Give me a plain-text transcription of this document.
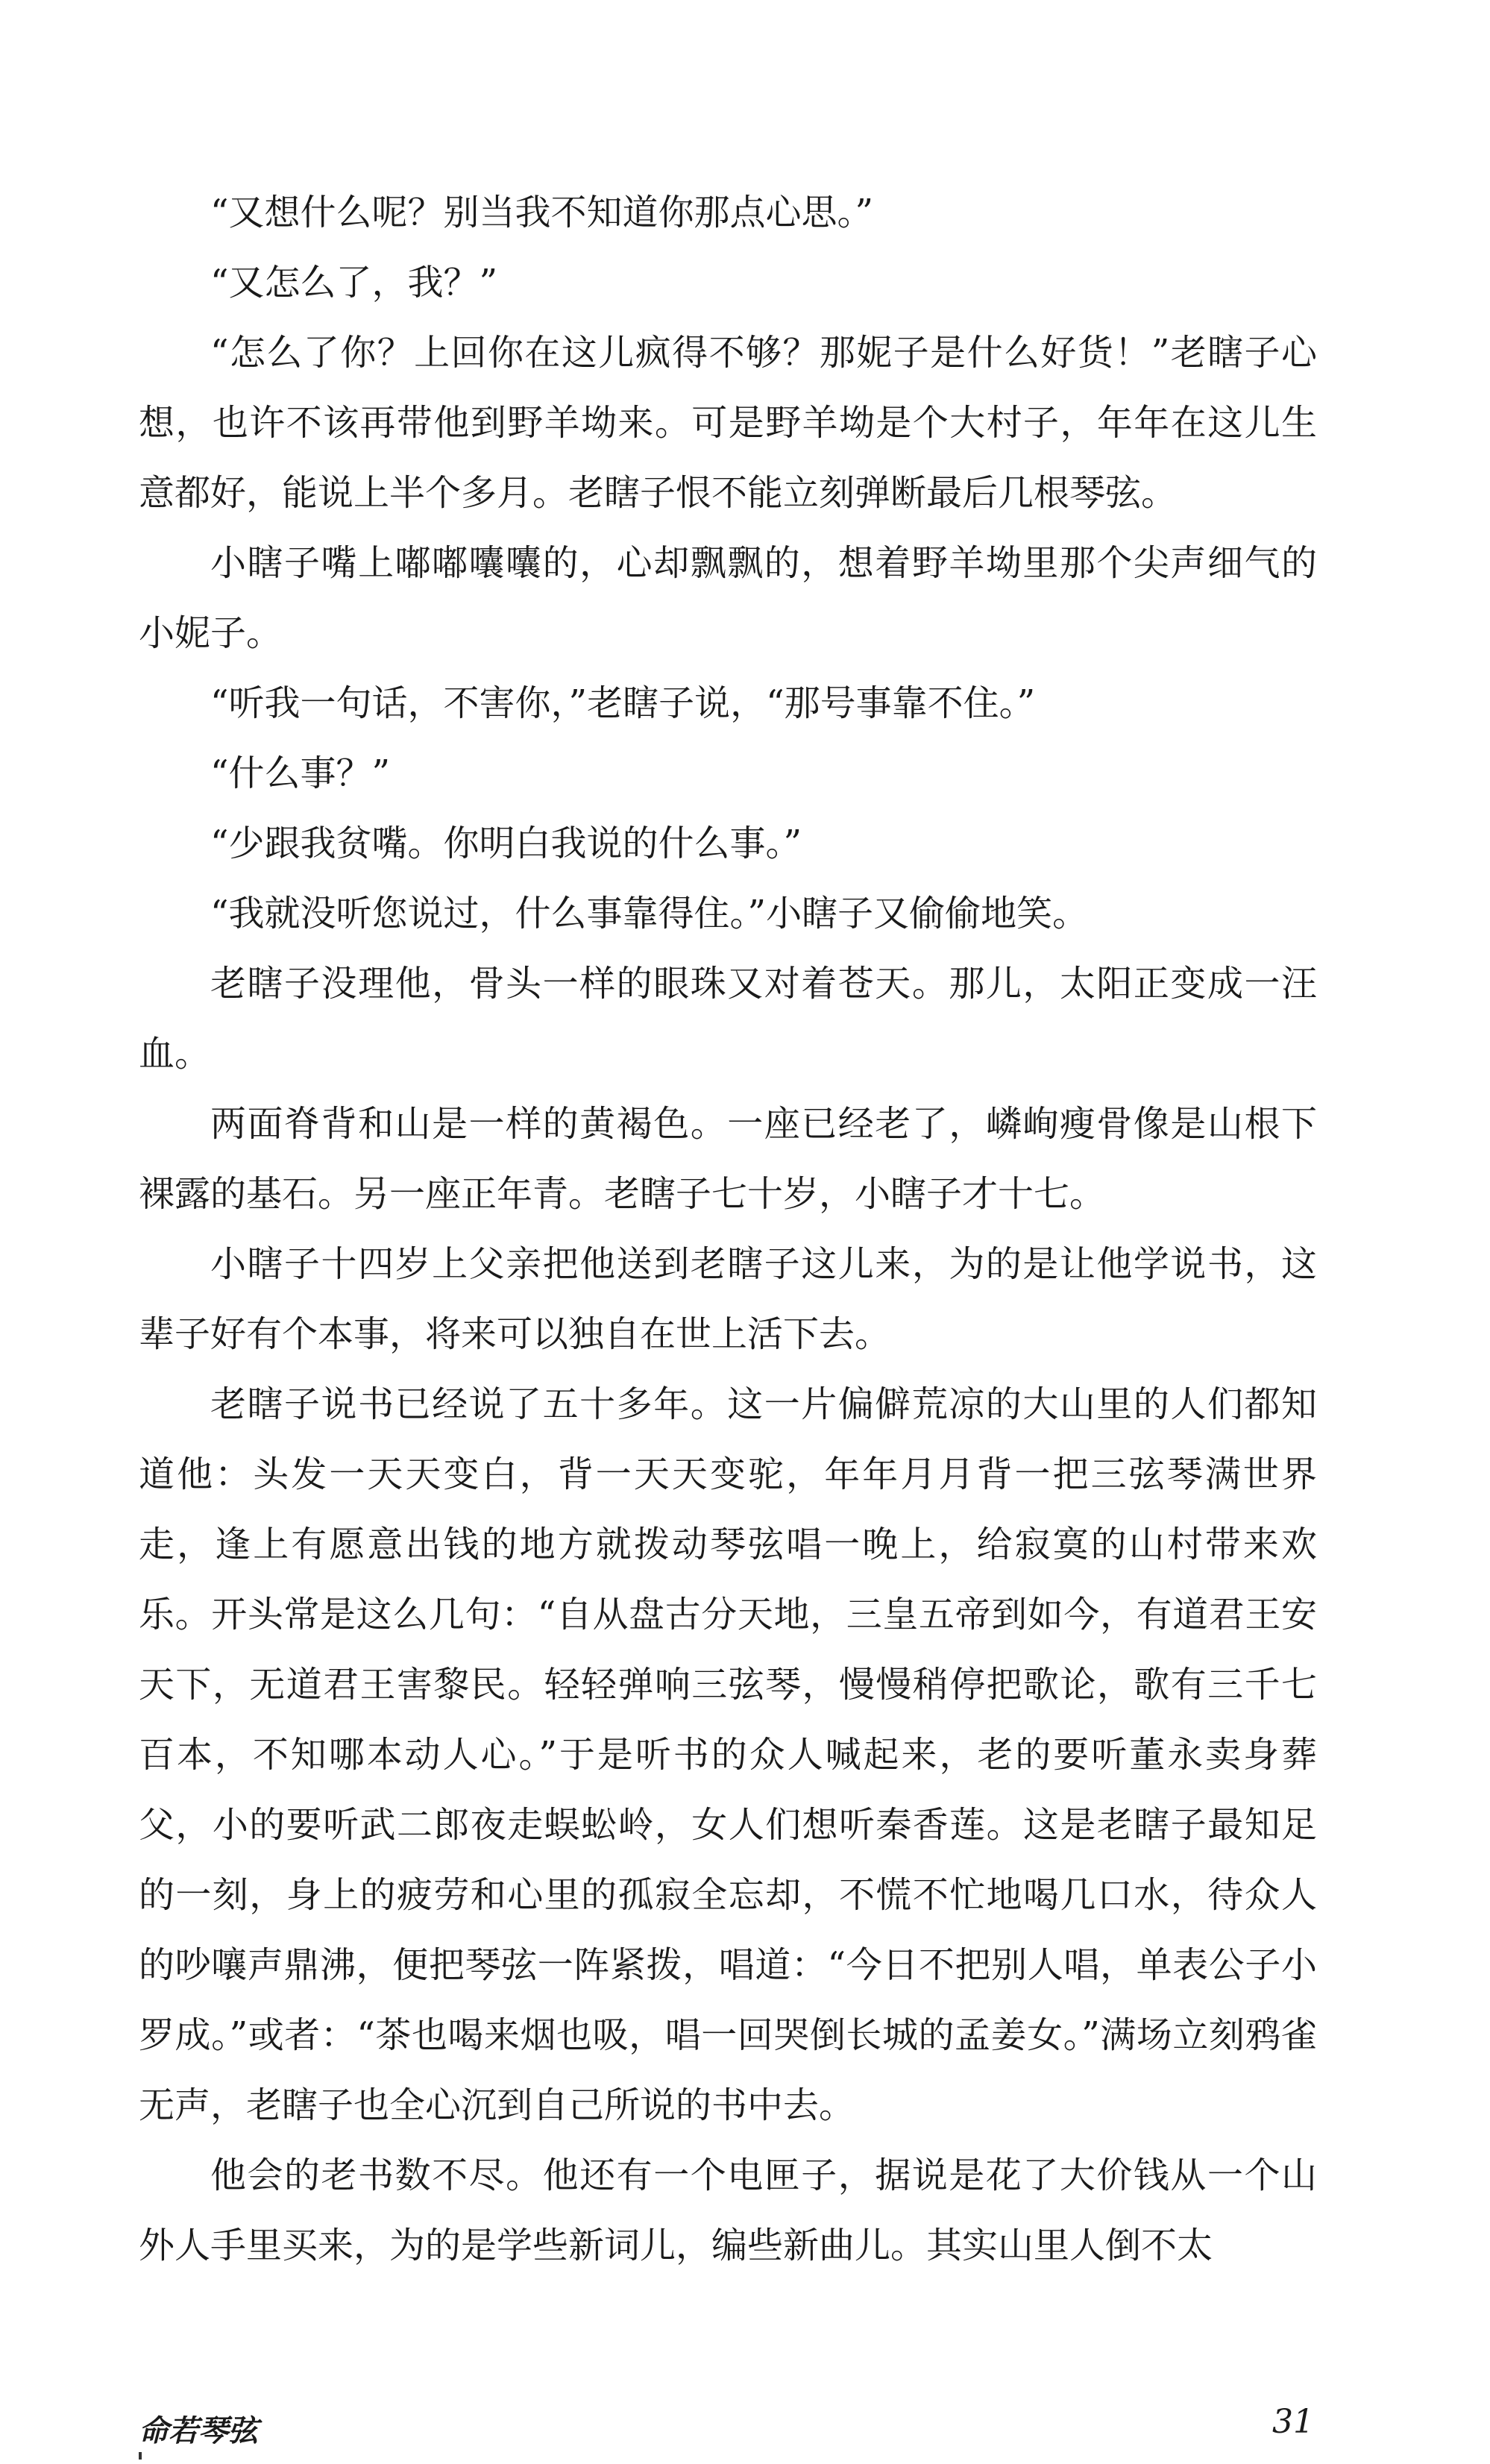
“又想什么呢？别当我不知道你那点心思。”

“又怎么了，我？”

“怎么了你？上回你在这儿疯得不够？那妮子是什么好货！”老瞎子心想，也许不该再带他到野羊坳来。可是野羊坳是个大村子，年年在这儿生意都好，能说上半个多月。老瞎子恨不能立刻弹断最后几根琴弦。

小瞎子嘴上嘟嘟囔囔的，心却飘飘的，想着野羊坳里那个尖声细气的小妮子。

“听我一句话，不害你，”老瞎子说，“那号事靠不住。”

“什么事？”

“少跟我贫嘴。你明白我说的什么事。”

“我就没听您说过，什么事靠得住。”小瞎子又偷偷地笑。

老瞎子没理他，骨头一样的眼珠又对着苍天。那儿，太阳正变成一汪血。

两面脊背和山是一样的黄褐色。一座已经老了，嶙峋瘦骨像是山根下裸露的基石。另一座正年青。老瞎子七十岁，小瞎子才十七。

小瞎子十四岁上父亲把他送到老瞎子这儿来，为的是让他学说书，这辈子好有个本事，将来可以独自在世上活下去。

老瞎子说书已经说了五十多年。这一片偏僻荒凉的大山里的人们都知道他：头发一天天变白，背一天天变驼，年年月月背一把三弦琴满世界走，逢上有愿意出钱的地方就拨动琴弦唱一晚上，给寂寞的山村带来欢乐。开头常是这么几句：“自从盘古分天地，三皇五帝到如今，有道君王安天下，无道君王害黎民。轻轻弹响三弦琴，慢慢稍停把歌论，歌有三千七百本，不知哪本动人心。”于是听书的众人喊起来，老的要听董永卖身葬父，小的要听武二郎夜走蜈蚣岭，女人们想听秦香莲。这是老瞎子最知足的一刻，身上的疲劳和心里的孤寂全忘却，不慌不忙地喝几口水，待众人的吵嚷声鼎沸，便把琴弦一阵紧拨，唱道：“今日不把别人唱，单表公子小罗成。”或者：“茶也喝来烟也吸，唱一回哭倒长城的孟姜女。”满场立刻鸦雀无声，老瞎子也全心沉到自己所说的书中去。

他会的老书数不尽。他还有一个电匣子，据说是花了大价钱从一个山外人手里买来，为的是学些新词儿，编些新曲儿。其实山里人倒不太

命若琴弦	31
